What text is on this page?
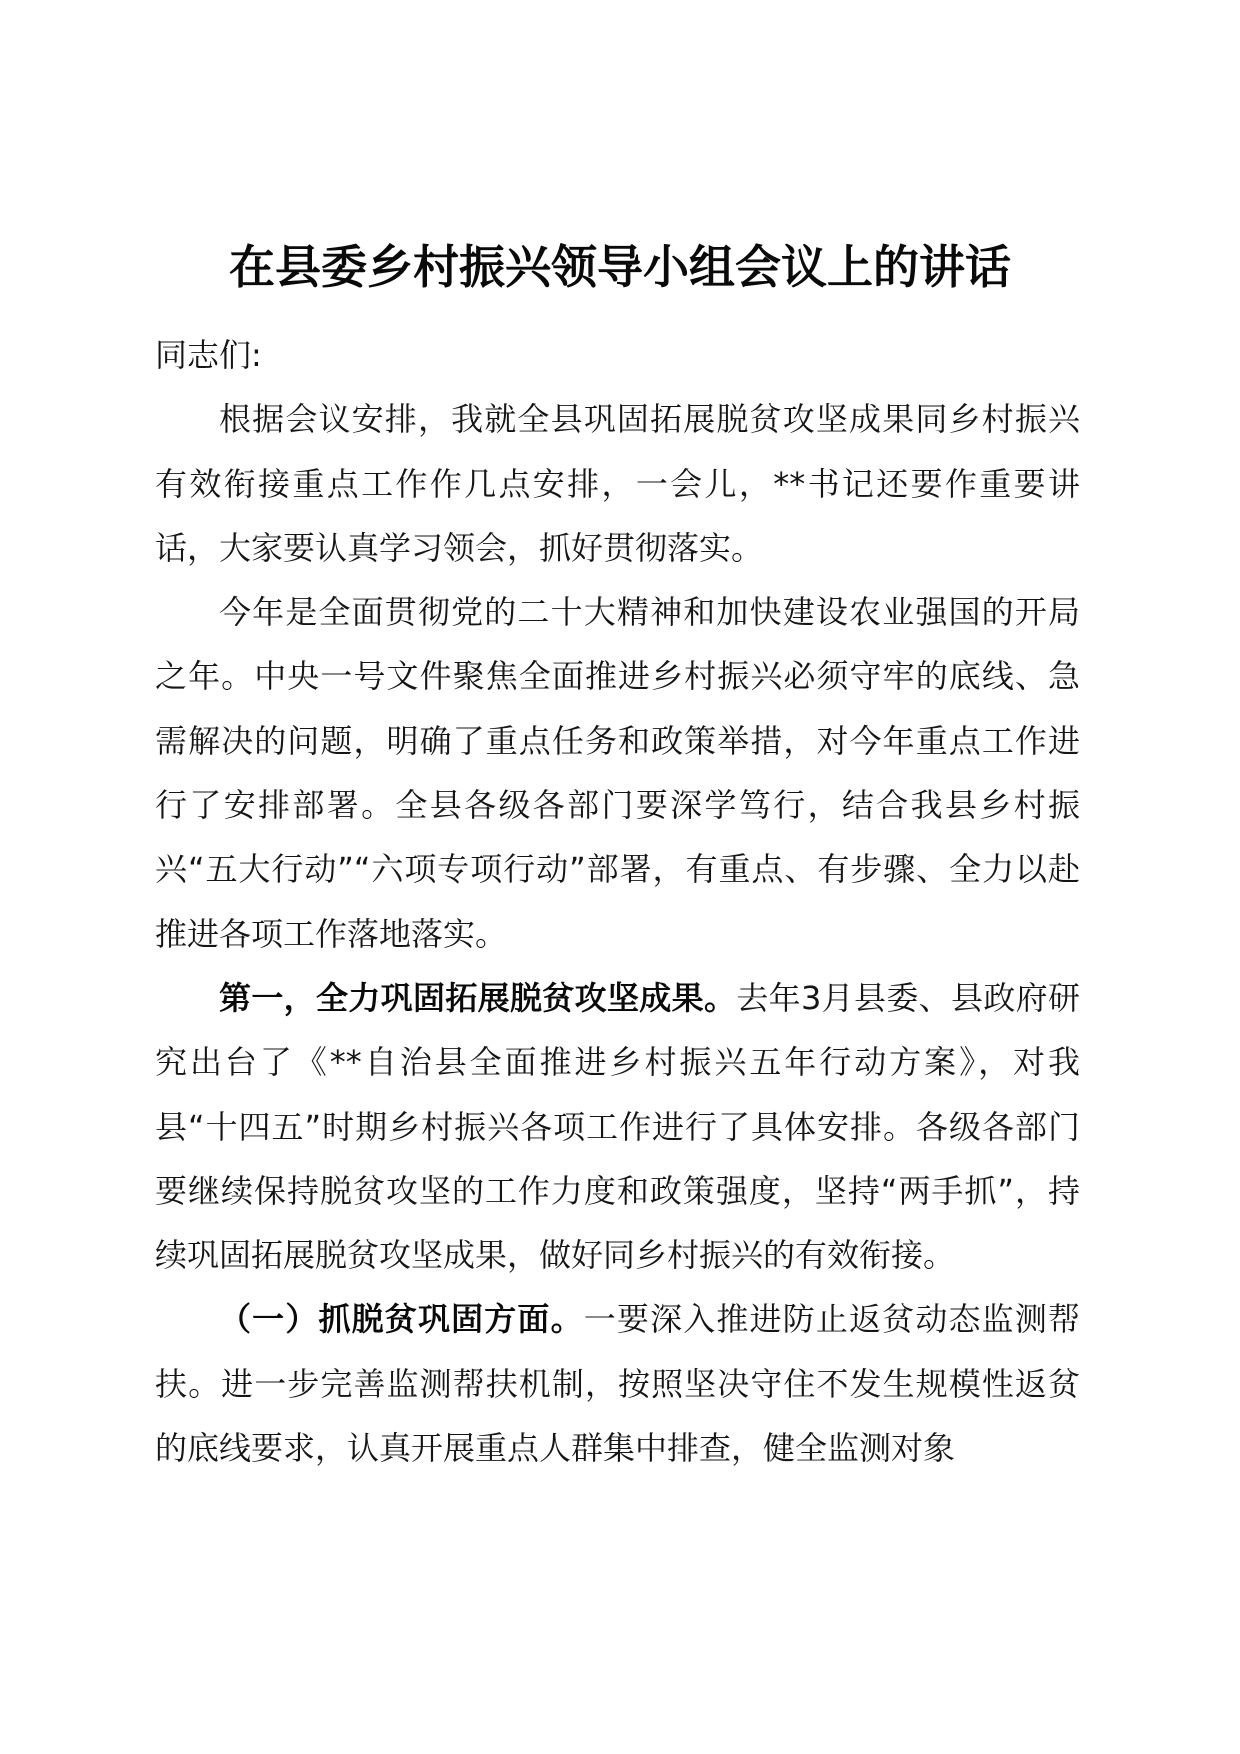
在县委乡村振兴领导小组会议上的讲话

同志们:

根据会议安排，我就全县巩固拓展脱贫攻坚成果同乡村振兴有效衔接重点工作作几点安排，一会儿，**书记还要作重要讲话，大家要认真学习领会，抓好贯彻落实。

今年是全面贯彻党的二十大精神和加快建设农业强国的开局之年。中央一号文件聚焦全面推进乡村振兴必须守牢的底线、急需解决的问题，明确了重点任务和政策举措，对今年重点工作进行了安排部署。全县各级各部门要深学笃行，结合我县乡村振兴“五大行动”“六项专项行动”部署，有重点、有步骤、全力以赴推进各项工作落地落实。

第一，全力巩固拓展脱贫攻坚成果。去年3月县委、县政府研究出台了《**自治县全面推进乡村振兴五年行动方案》，对我县“十四五”时期乡村振兴各项工作进行了具体安排。各级各部门要继续保持脱贫攻坚的工作力度和政策强度，坚持“两手抓”，持续巩固拓展脱贫攻坚成果，做好同乡村振兴的有效衔接。

（一）抓脱贫巩固方面。一要深入推进防止返贫动态监测帮扶。进一步完善监测帮扶机制，按照坚决守住不发生规模性返贫的底线要求，认真开展重点人群集中排查，健全监测对象
